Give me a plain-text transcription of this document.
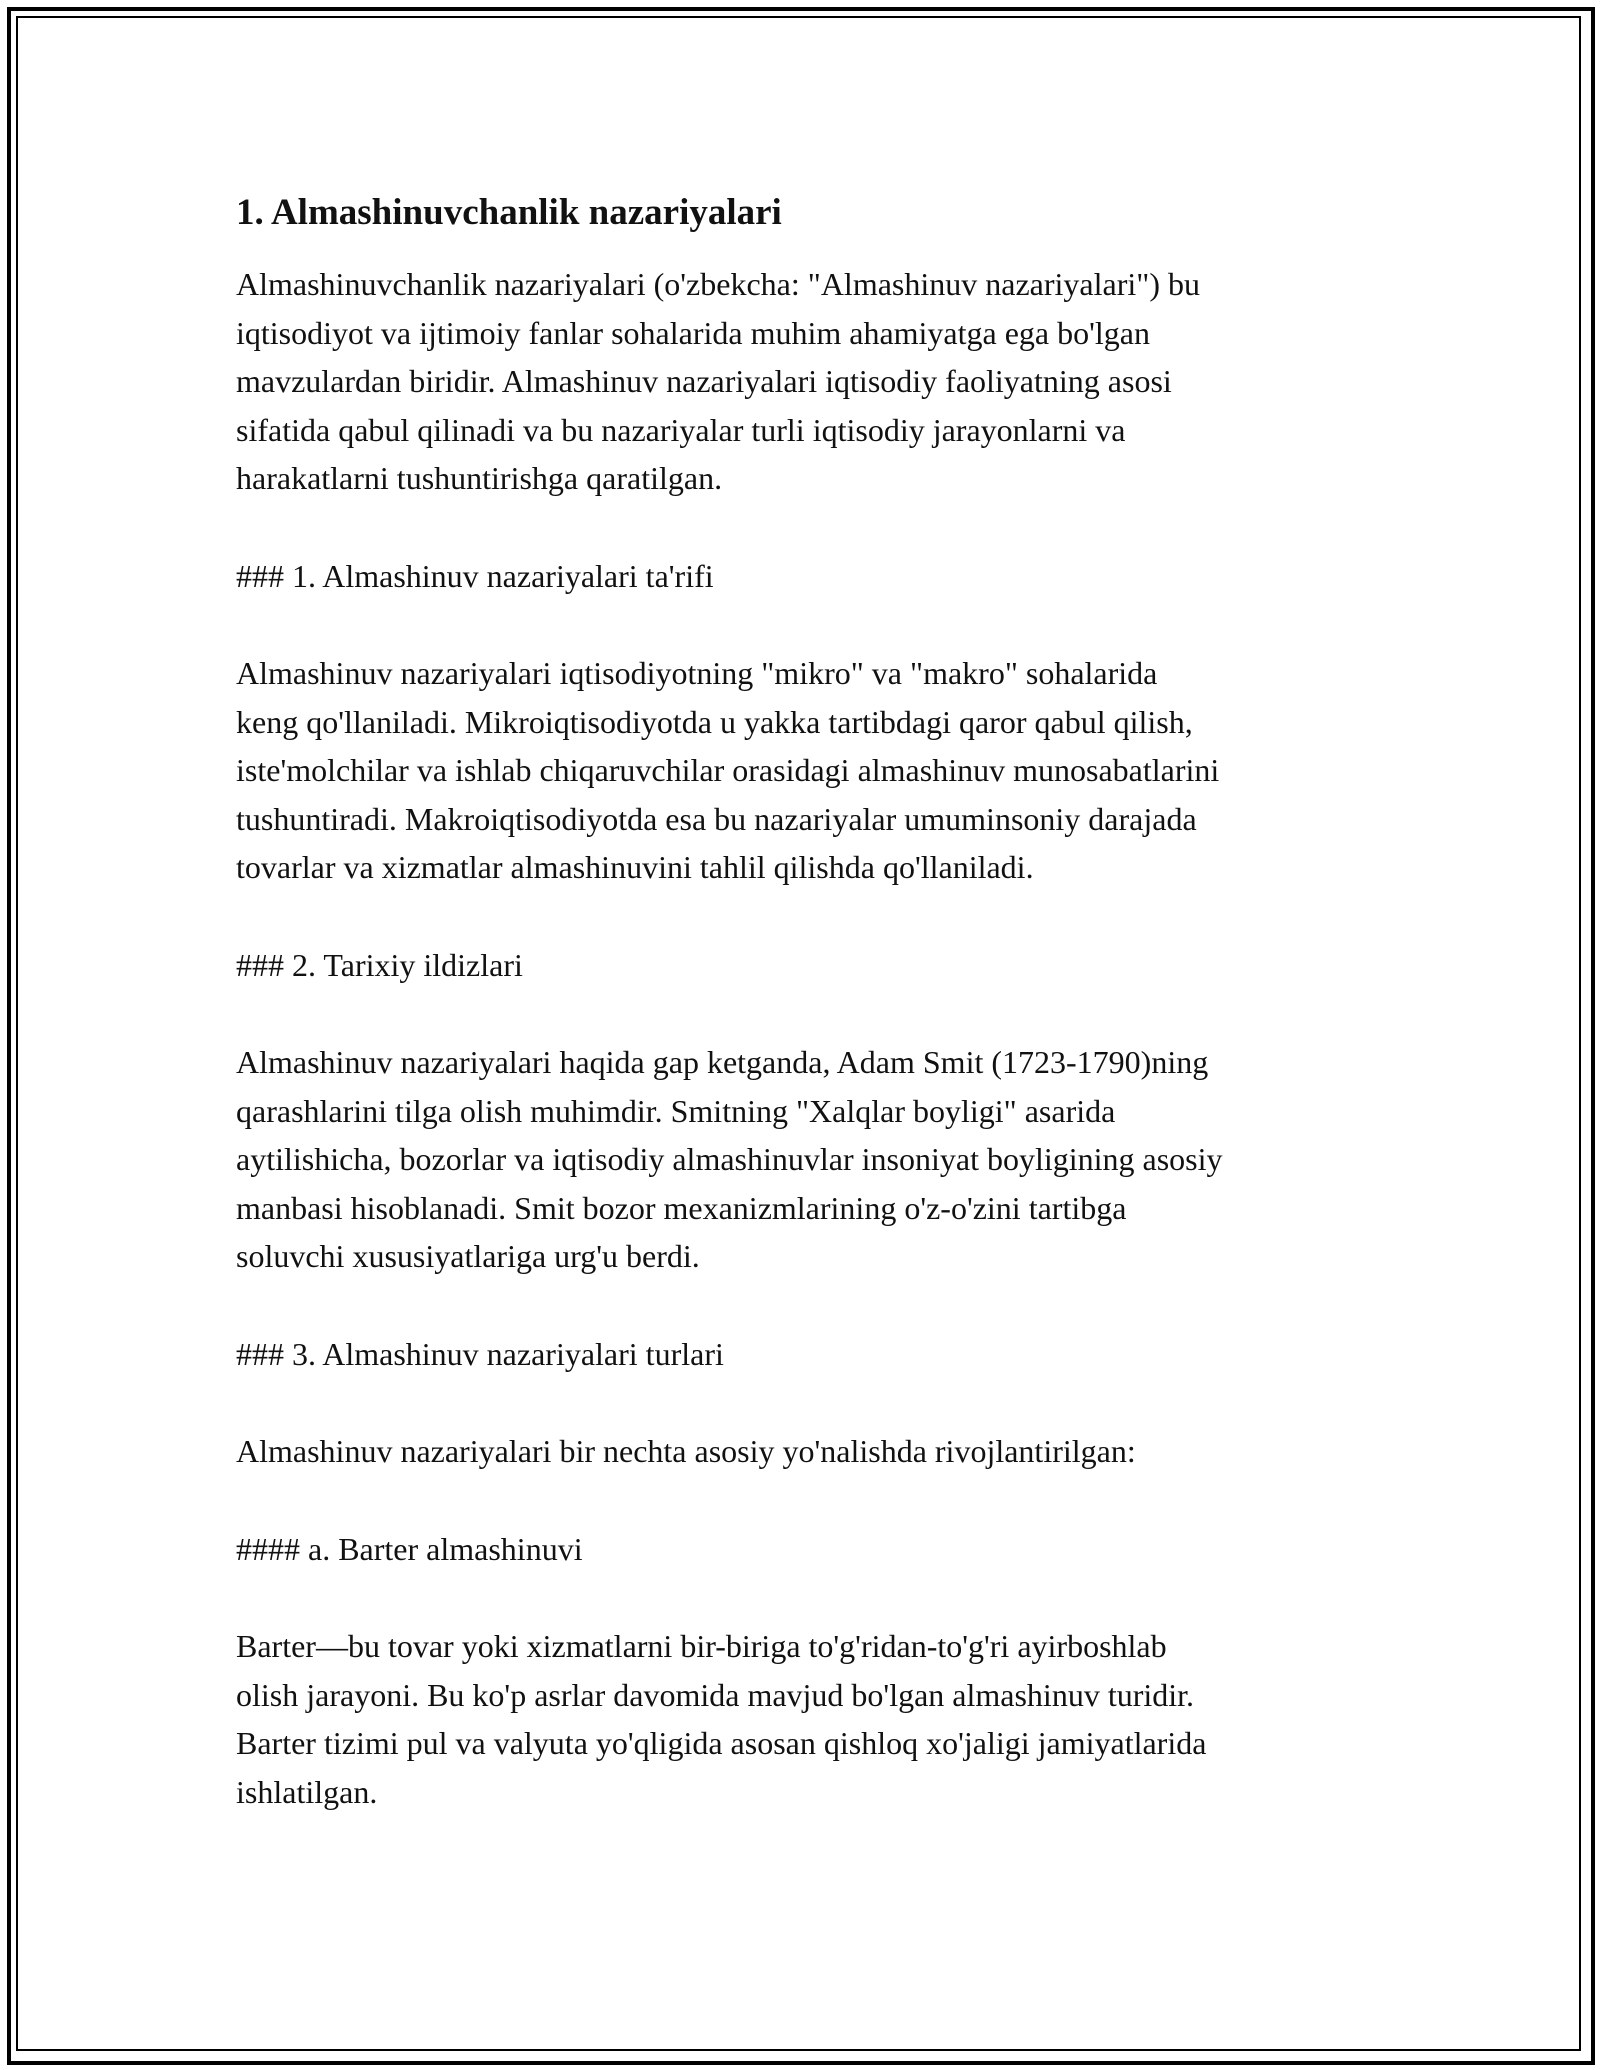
1. Almashinuvchanlik nazariyalari

Almashinuvchanlik nazariyalari (o'zbekcha: "Almashinuv nazariyalari") bu
iqtisodiyot va ijtimoiy fanlar sohalarida muhim ahamiyatga ega bo'lgan
mavzulardan biridir. Almashinuv nazariyalari iqtisodiy faoliyatning asosi
sifatida qabul qilinadi va bu nazariyalar turli iqtisodiy jarayonlarni va
harakatlarni tushuntirishga qaratilgan.

### 1. Almashinuv nazariyalari ta'rifi

Almashinuv nazariyalari iqtisodiyotning "mikro" va "makro" sohalarida
keng qo'llaniladi. Mikroiqtisodiyotda u yakka tartibdagi qaror qabul qilish,
iste'molchilar va ishlab chiqaruvchilar orasidagi almashinuv munosabatlarini
tushuntiradi. Makroiqtisodiyotda esa bu nazariyalar umuminsoniy darajada
tovarlar va xizmatlar almashinuvini tahlil qilishda qo'llaniladi.

### 2. Tarixiy ildizlari

Almashinuv nazariyalari haqida gap ketganda, Adam Smit (1723-1790)ning
qarashlarini tilga olish muhimdir. Smitning "Xalqlar boyligi" asarida
aytilishicha, bozorlar va iqtisodiy almashinuvlar insoniyat boyligining asosiy
manbasi hisoblanadi. Smit bozor mexanizmlarining o'z-o'zini tartibga
soluvchi xususiyatlariga urg'u berdi.

### 3. Almashinuv nazariyalari turlari

Almashinuv nazariyalari bir nechta asosiy yo'nalishda rivojlantirilgan:

#### a. Barter almashinuvi

Barter—bu tovar yoki xizmatlarni bir-biriga to'g'ridan-to'g'ri ayirboshlab
olish jarayoni. Bu ko'p asrlar davomida mavjud bo'lgan almashinuv turidir.
Barter tizimi pul va valyuta yo'qligida asosan qishloq xo'jaligi jamiyatlarida
ishlatilgan.
